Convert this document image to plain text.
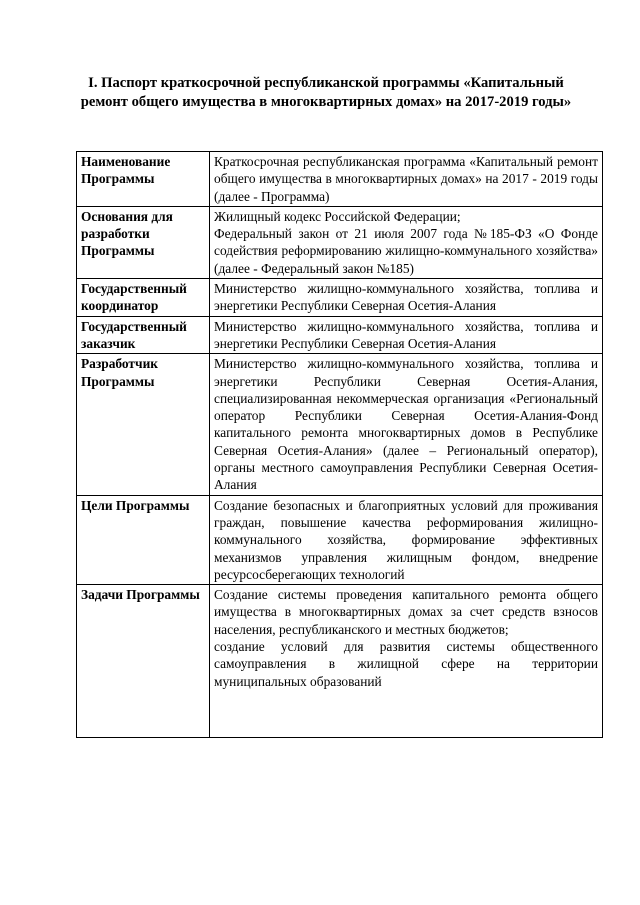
I. Паспорт краткосрочной республиканской программы «Капитальный ремонт общего имущества в многоквартирных домах» на 2017-2019 годы»
Наименование Программы	Краткосрочная республиканская программа «Капитальный ремонт общего имущества в многоквартирных домах» на 2017 - 2019 годы (далее - Программа)

Основания для разработки Программы	Жилищный кодекс Российской Федерации;
Федеральный закон от 21 июля 2007 года №185-ФЗ «О Фонде содействия реформированию жилищно-коммунального хозяйства» (далее - Федеральный закон №185)

Государственный координатор	Министерство жилищно-коммунального хозяйства, топлива и энергетики Республики Северная Осетия-Алания

Государственный заказчик	Министерство жилищно-коммунального хозяйства, топлива и энергетики Республики Северная Осетия-Алания

Разработчик Программы	Министерство жилищно-коммунального хозяйства, топлива и энергетики Республики Северная Осетия-Алания, специализированная некоммерческая организация «Региональный оператор Республики Северная Осетия-Алания-Фонд капитального ремонта многоквартирных домов в Республике Северная Осетия-Алания» (далее – Региональный оператор), органы местного самоуправления Республики Северная Осетия-Алания

Цели Программы	Создание безопасных и благоприятных условий для проживания граждан, повышение качества реформирования жилищно-коммунального хозяйства, формирование эффективных механизмов управления жилищным фондом, внедрение ресурсосберегающих технологий

Задачи Программы	Создание системы проведения капитального ремонта общего имущества в многоквартирных домах за счет средств взносов населения, республиканского и местных бюджетов;
создание условий для развития системы общественного самоуправления в жилищной сфере на территории муниципальных образований
